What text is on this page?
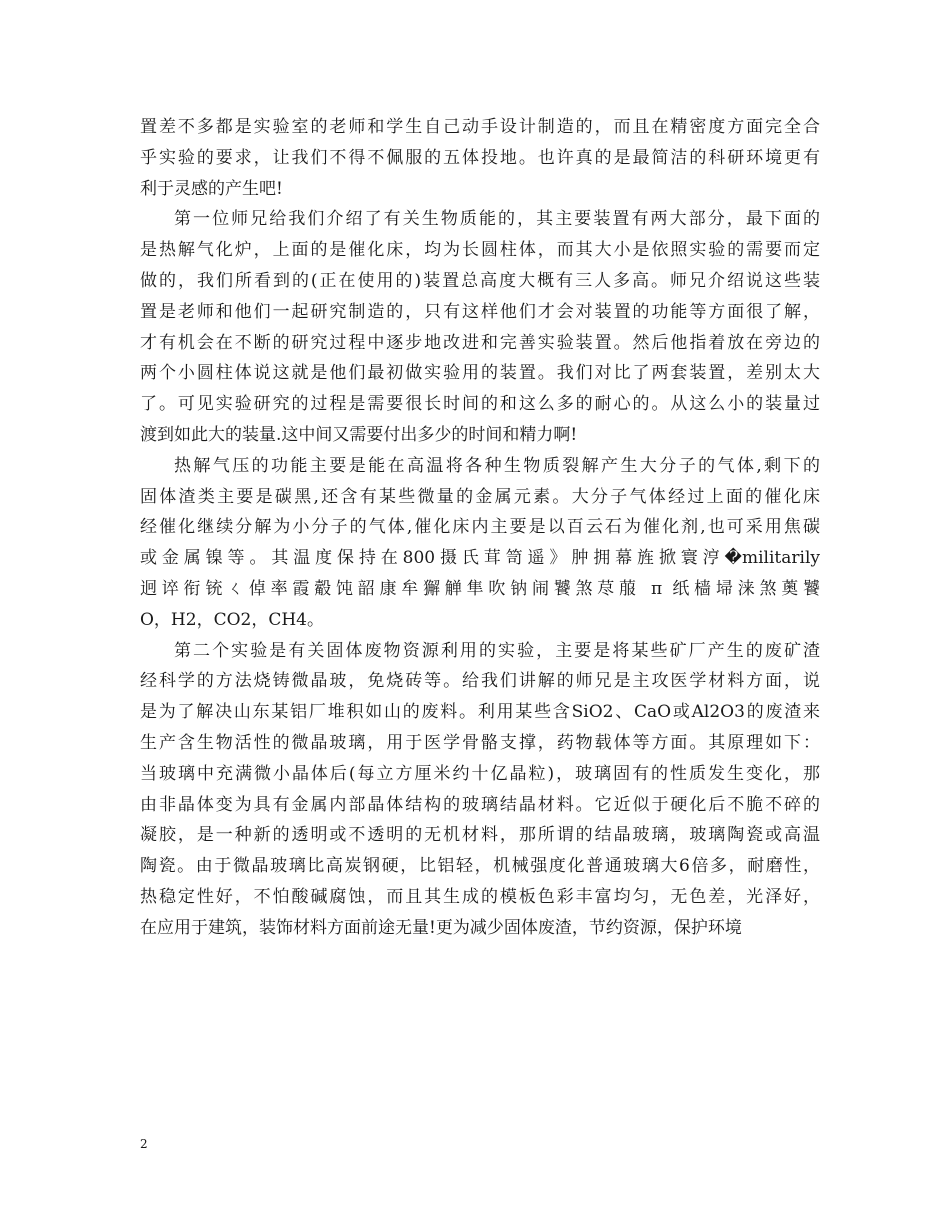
置差不多都是实验室的老师和学生自己动手设计制造的，而且在精密度方面完全合
乎实验的要求，让我们不得不佩服的五体投地。也许真的是最简洁的科研环境更有
利于灵感的产生吧!
第一位师兄给我们介绍了有关生物质能的，其主要装置有两大部分，最下面的
是热解气化炉，上面的是催化床，均为长圆柱体，而其大小是依照实验的需要而定
做的，我们所看到的(正在使用的)装置总高度大概有三人多高。师兄介绍说这些装
置是老师和他们一起研究制造的，只有这样他们才会对装置的功能等方面很了解，
才有机会在不断的研究过程中逐步地改进和完善实验装置。然后他指着放在旁边的
两个小圆柱体说这就是他们最初做实验用的装置。我们对比了两套装置，差别太大
了。可见实验研究的过程是需要很长时间的和这么多的耐心的。从这么小的装量过
渡到如此大的装量.这中间又需要付出多少的时间和精力啊!
热解气压的功能主要是能在高温将各种生物质裂解产生大分子的气体,剩下的
固体渣类主要是碳黑,还含有某些微量的金属元素。大分子气体经过上面的催化床
经催化继续分解为小分子的气体,催化床内主要是以百云石为催化剂,也可采用焦碳
或金属镍等。其温度保持在800摄氏茸笥遥》肿拥幕旌掀寰涥�militarily
迥谇衔铳ㄑ倬率霞觳饨韶康牟獬觯隼吹钠闹饕煞荩菔 π 纸樯埽涞煞薁饕
O，H2，CO2，CH4。
第二个实验是有关固体废物资源利用的实验，主要是将某些矿厂产生的废矿渣
经科学的方法烧铸微晶玻，免烧砖等。给我们讲解的师兄是主攻医学材料方面，说
是为了解决山东某铝厂堆积如山的废料。利用某些含SiO2、CaO或Al2O3的废渣来
生产含生物活性的微晶玻璃，用于医学骨骼支撑，药物载体等方面。其原理如下：
当玻璃中充满微小晶体后(每立方厘米约十亿晶粒)，玻璃固有的性质发生变化，那
由非晶体变为具有金属内部晶体结构的玻璃结晶材料。它近似于硬化后不脆不碎的
凝胶，是一种新的透明或不透明的无机材料，那所谓的结晶玻璃，玻璃陶瓷或高温
陶瓷。由于微晶玻璃比高炭钢硬，比铝轻，机械强度化普通玻璃大6倍多，耐磨性，
热稳定性好，不怕酸碱腐蚀，而且其生成的模板色彩丰富均匀，无色差，光泽好，
在应用于建筑，装饰材料方面前途无量!更为减少固体废渣，节约资源，保护环境
2
